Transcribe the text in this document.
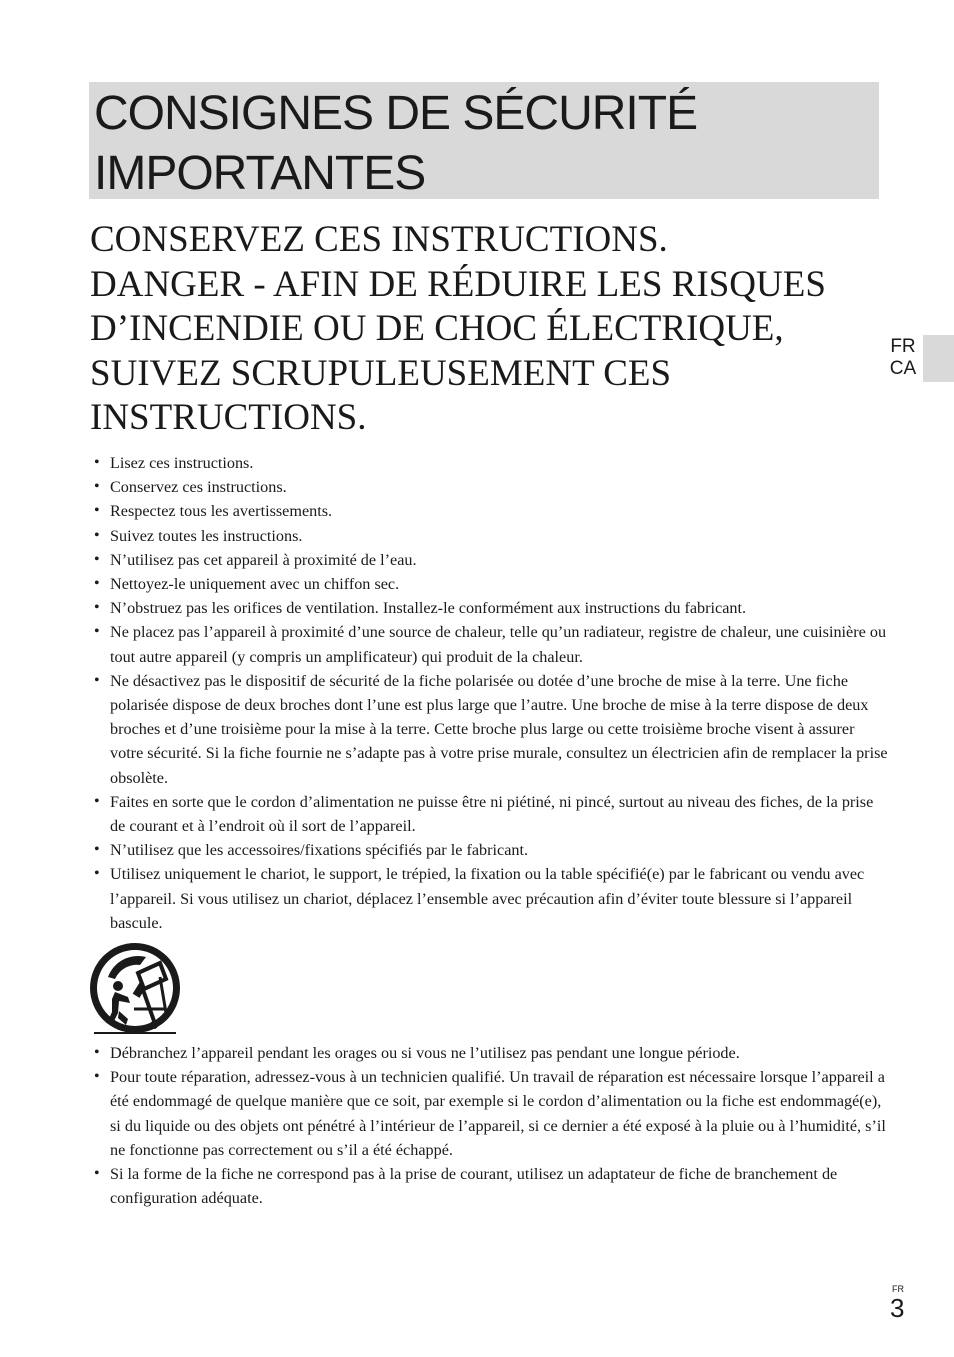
CONSIGNES DE SÉCURITÉ
IMPORTANTES
CONSERVEZ CES INSTRUCTIONS.
DANGER - AFIN DE RÉDUIRE LES RISQUES
D’INCENDIE OU DE CHOC ÉLECTRIQUE,
SUIVEZ SCRUPULEUSEMENT CES
INSTRUCTIONS.
FR
CA
• Lisez ces instructions.
• Conservez ces instructions.
• Respectez tous les avertissements.
• Suivez toutes les instructions.
• N’utilisez pas cet appareil à proximité de l’eau.
• Nettoyez-le uniquement avec un chiffon sec.
• N’obstruez pas les orifices de ventilation. Installez-le conformément aux instructions du fabricant.
• Ne placez pas l’appareil à proximité d’une source de chaleur, telle qu’un radiateur, registre de chaleur, une cuisinière ou tout autre appareil (y compris un amplificateur) qui produit de la chaleur.
• Ne désactivez pas le dispositif de sécurité de la fiche polarisée ou dotée d’une broche de mise à la terre. Une fiche polarisée dispose de deux broches dont l’une est plus large que l’autre. Une broche de mise à la terre dispose de deux broches et d’une troisième pour la mise à la terre. Cette broche plus large ou cette troisième broche visent à assurer votre sécurité. Si la fiche fournie ne s’adapte pas à votre prise murale, consultez un électricien afin de remplacer la prise obsolète.
• Faites en sorte que le cordon d’alimentation ne puisse être ni piétiné, ni pincé, surtout au niveau des fiches, de la prise de courant et à l’endroit où il sort de l’appareil.
• N’utilisez que les accessoires/fixations spécifiés par le fabricant.
• Utilisez uniquement le chariot, le support, le trépied, la fixation ou la table spécifié(e) par le fabricant ou vendu avec l’appareil. Si vous utilisez un chariot, déplacez l’ensemble avec précaution afin d’éviter toute blessure si l’appareil bascule.
• Débranchez l’appareil pendant les orages ou si vous ne l’utilisez pas pendant une longue période.
• Pour toute réparation, adressez-vous à un technicien qualifié. Un travail de réparation est nécessaire lorsque l’appareil a été endommagé de quelque manière que ce soit, par exemple si le cordon d’alimentation ou la fiche est endommagé(e), si du liquide ou des objets ont pénétré à l’intérieur de l’appareil, si ce dernier a été exposé à la pluie ou à l’humidité, s’il ne fonctionne pas correctement ou s’il a été échappé.
• Si la forme de la fiche ne correspond pas à la prise de courant, utilisez un adaptateur de fiche de branchement de configuration adéquate.
FR
3
